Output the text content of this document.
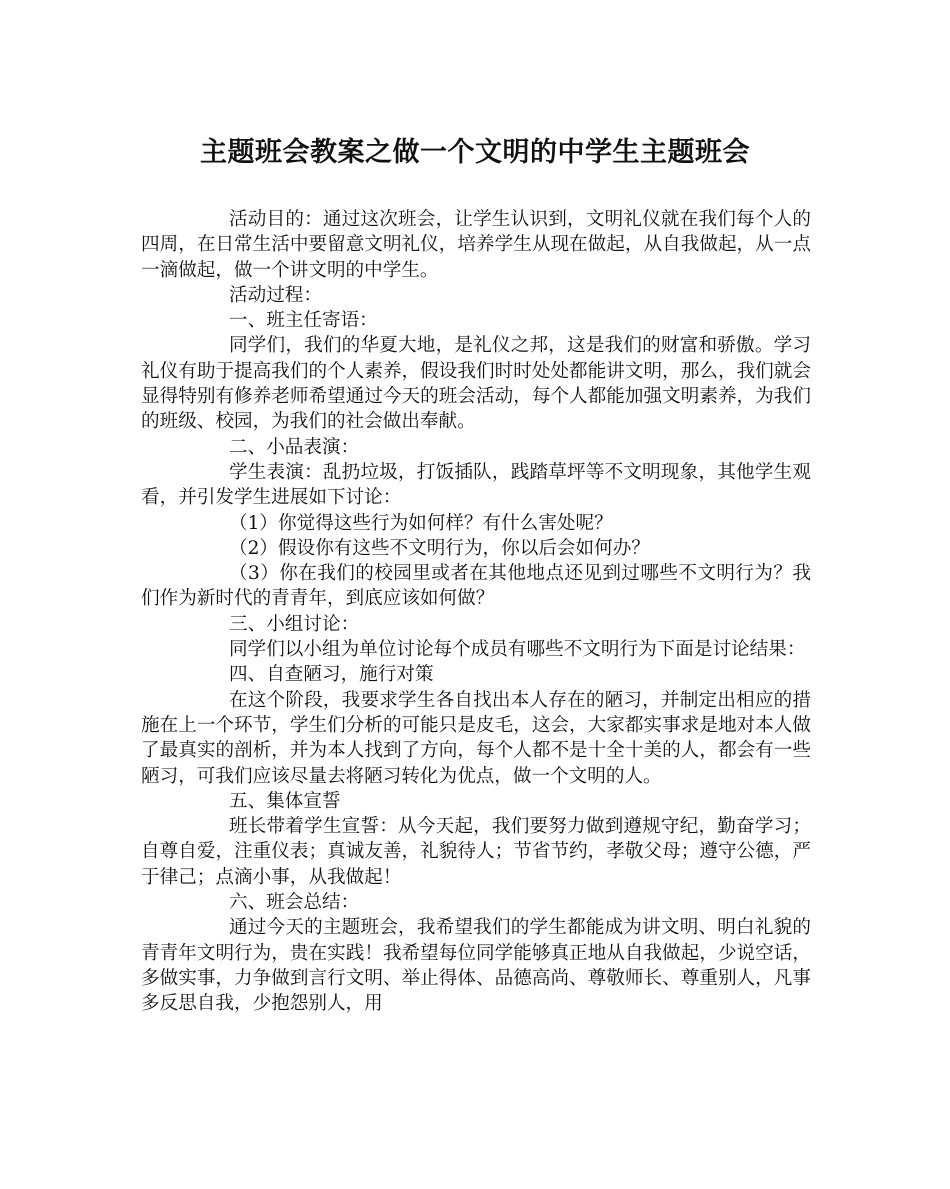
主题班会教案之做一个文明的中学生主题班会

活动目的：通过这次班会，让学生认识到，文明礼仪就在我们每个人的四周，在日常生活中要留意文明礼仪，培养学生从现在做起，从自我做起，从一点一滴做起，做一个讲文明的中学生。

活动过程：

一、班主任寄语：

同学们，我们的华夏大地，是礼仪之邦，这是我们的财富和骄傲。学习礼仪有助于提高我们的个人素养，假设我们时时处处都能讲文明，那么，我们就会显得特别有修养老师希望通过今天的班会活动，每个人都能加强文明素养，为我们的班级、校园，为我们的社会做出奉献。

二、小品表演：

学生表演：乱扔垃圾，打饭插队，践踏草坪等不文明现象，其他学生观看，并引发学生进展如下讨论：

（1）你觉得这些行为如何样？有什么害处呢？

（2）假设你有这些不文明行为，你以后会如何办？

（3）你在我们的校园里或者在其他地点还见到过哪些不文明行为？我们作为新时代的青青年，到底应该如何做？

三、小组讨论：

同学们以小组为单位讨论每个成员有哪些不文明行为下面是讨论结果：

四、自查陋习，施行对策

在这个阶段，我要求学生各自找出本人存在的陋习，并制定出相应的措施在上一个环节，学生们分析的可能只是皮毛，这会，大家都实事求是地对本人做了最真实的剖析，并为本人找到了方向，每个人都不是十全十美的人，都会有一些陋习，可我们应该尽量去将陋习转化为优点，做一个文明的人。

五、集体宣誓

班长带着学生宣誓：从今天起，我们要努力做到遵规守纪，勤奋学习；自尊自爱，注重仪表；真诚友善，礼貌待人；节省节约，孝敬父母；遵守公德，严于律己；点滴小事，从我做起！

六、班会总结：

通过今天的主题班会，我希望我们的学生都能成为讲文明、明白礼貌的青青年文明行为，贵在实践！我希望每位同学能够真正地从自我做起，少说空话，多做实事，力争做到言行文明、举止得体、品德高尚、尊敬师长、尊重别人，凡事多反思自我，少抱怨别人，用
